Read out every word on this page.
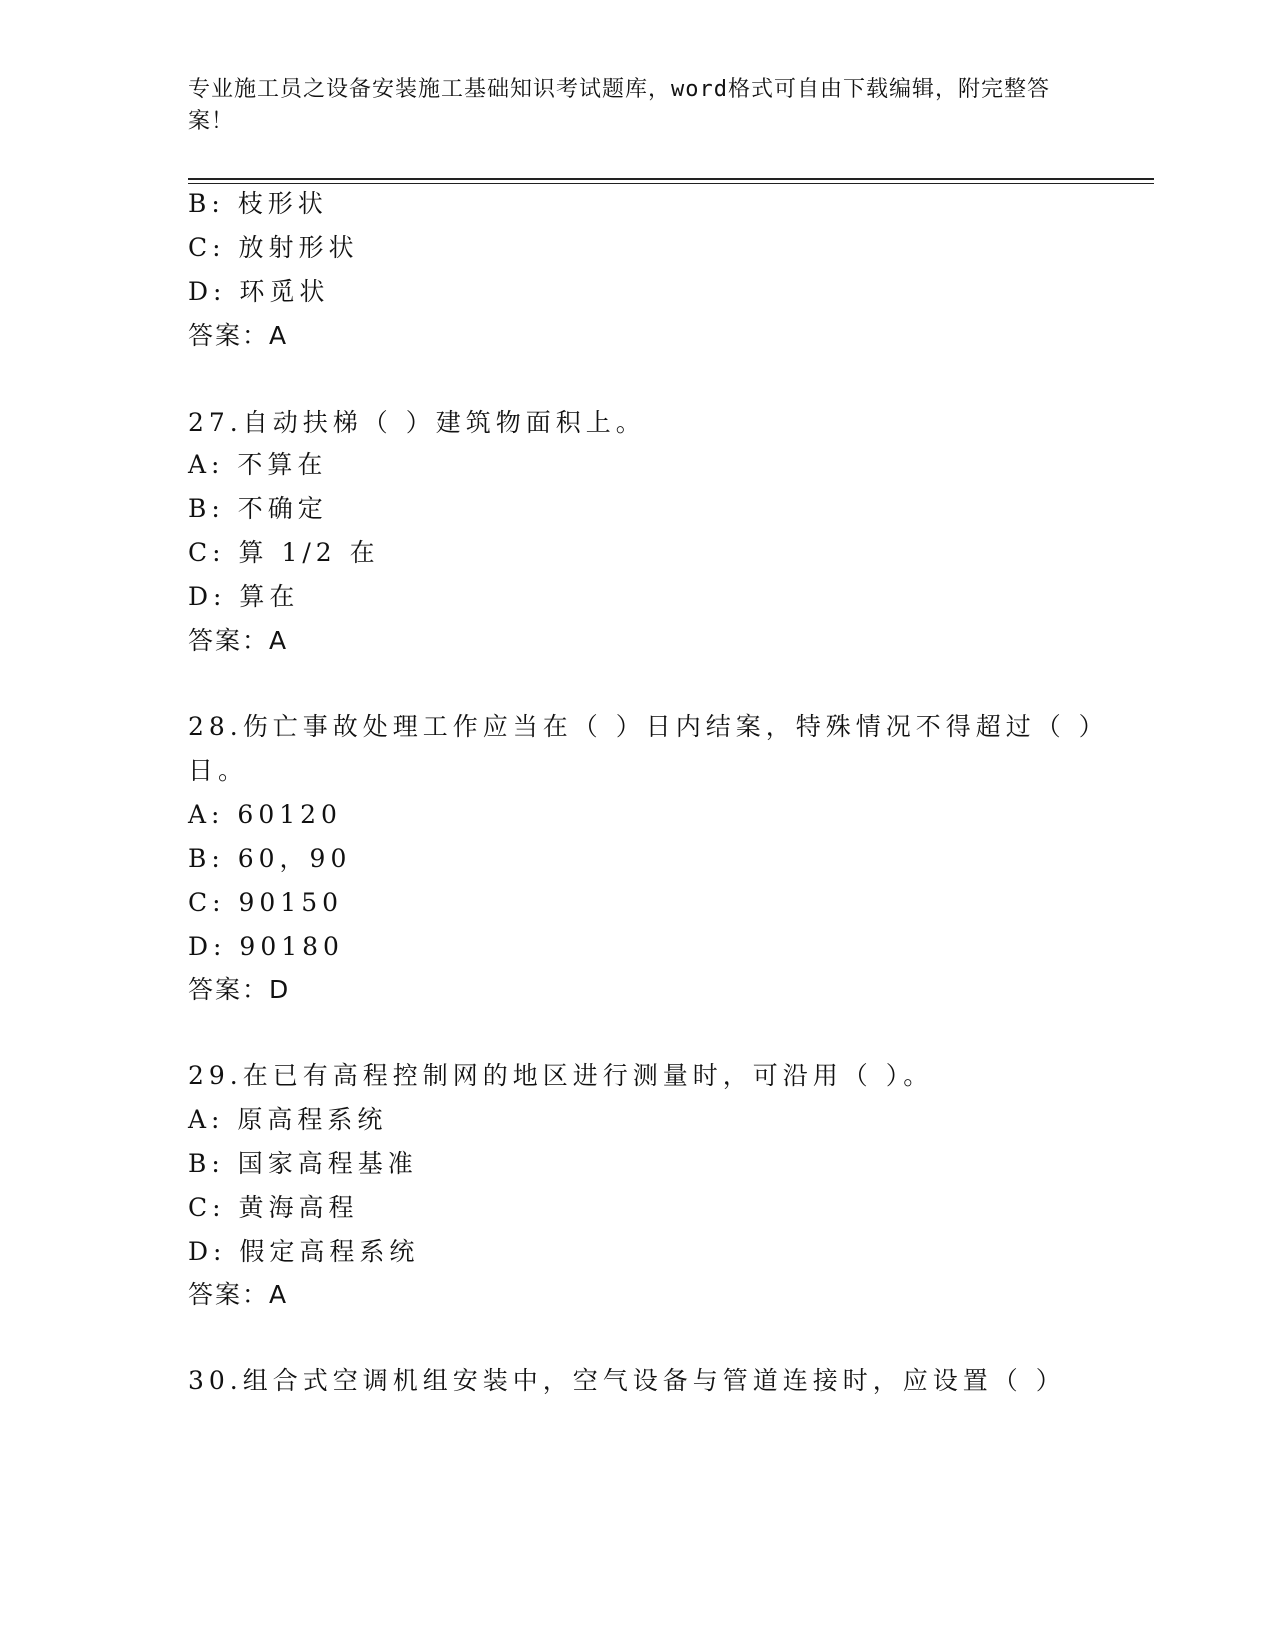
专业施工员之设备安装施工基础知识考试题库，word格式可自由下载编辑，附完整答案！
B: 枝形状
C: 放射形状
D: 环觅状
答案：A
27.自动扶梯（ ）建筑物面积上。
A: 不算在
B: 不确定
C: 算 1/2 在
D: 算在
答案：A
28.伤亡事故处理工作应当在（ ）日内结案，特殊情况不得超过（ ）
日。
A: 60120
B: 60，90
C: 90150
D: 90180
答案：D
29.在已有高程控制网的地区进行测量时，可沿用（ ）。
A: 原高程系统
B: 国家高程基准
C: 黄海高程
D: 假定高程系统
答案：A
30.组合式空调机组安装中，空气设备与管道连接时，应设置（ ）
